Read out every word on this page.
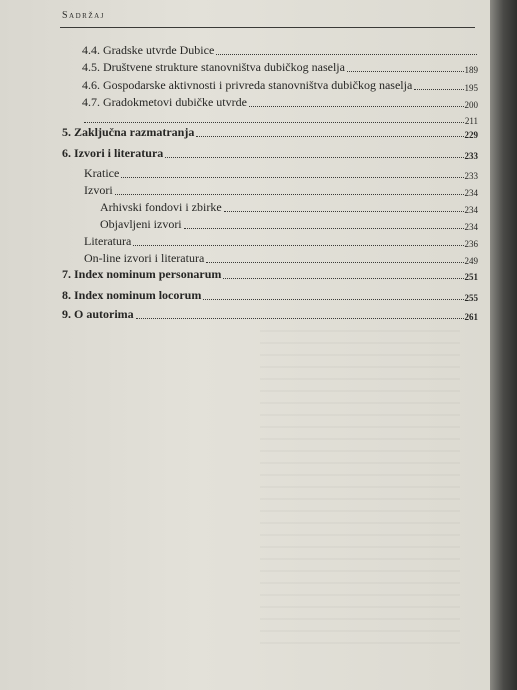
Sadržaj
4.4. Gradske utvrde Dubice
4.5. Društvene strukture stanovništva dubičkog naselja	189
4.6. Gospodarske aktivnosti i privreda stanovništva dubičkog naselja	195
4.7. Gradokmetovi dubičke utvrde	200
211
5. Zaključna razmatranja	229
6. Izvori i literatura	233
Kratice	233
Izvori	234
Arhivski fondovi i zbirke	234
Objavljeni izvori	234
Literatura	236
On-line izvori i literatura	249
7. Index nominum personarum	251
8. Index nominum locorum	255
9. O autorima	261
